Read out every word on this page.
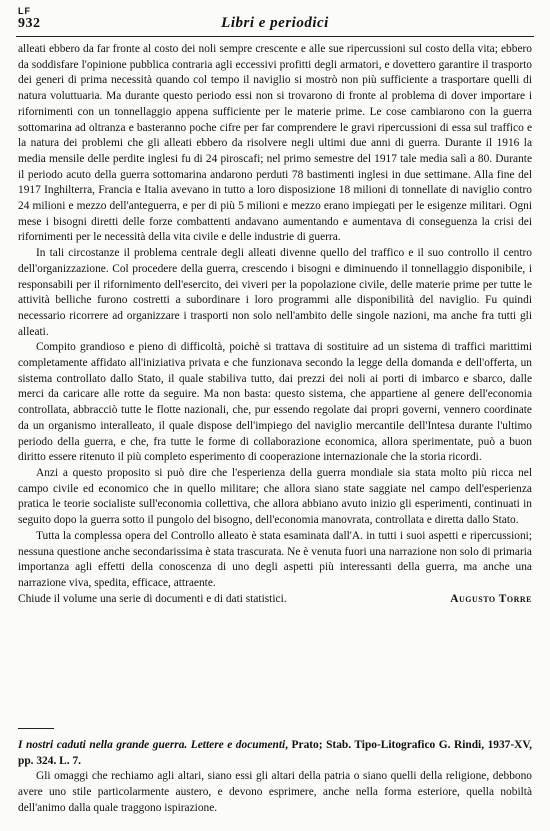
LF
932	Libri e periodici

alleati ebbero da far fronte al costo dei noli sempre crescente e alle sue ripercussioni sul costo della vita; ebbero da soddisfare l'opinione pubblica contraria agli eccessivi profitti degli armatori, e dovettero garantire il trasporto dei generi di prima necessità quando col tempo il naviglio si mostrò non più sufficiente a trasportare quelli di natura voluttuaria. Ma durante questo periodo essi non si trovarono di fronte al problema di dover importare i rifornimenti con un tonnellaggio appena sufficiente per le materie prime. Le cose cambiarono con la guerra sottomarina ad oltranza e basteranno poche cifre per far comprendere le gravi ripercussioni di essa sul traffico e la natura dei problemi che gli alleati ebbero da risolvere negli ultimi due anni di guerra. Durante il 1916 la media mensile delle perdite inglesi fu di 24 piroscafi; nel primo semestre del 1917 tale media salì a 80. Durante il periodo acuto della guerra sottomarina andarono perduti 78 bastimenti inglesi in due settimane. Alla fine del 1917 Inghilterra, Francia e Italia avevano in tutto a loro disposizione 18 milioni di tonnellate di naviglio contro 24 milioni e mezzo dell'anteguerra, e per di più 5 milioni e mezzo erano impiegati per le esigenze militari. Ogni mese i bisogni diretti delle forze combattenti andavano aumentando e aumentava di conseguenza la crisi dei rifornimenti per le necessità della vita civile e delle industrie di guerra.

In tali circostanze il problema centrale degli alleati divenne quello del traffico e il suo controllo il centro dell'organizzazione. Col procedere della guerra, crescendo i bisogni e diminuendo il tonnellaggio disponibile, i responsabili per il rifornimento dell'esercito, dei viveri per la popolazione civile, delle materie prime per tutte le attività belliche furono costretti a subordinare i loro programmi alle disponibilità del naviglio. Fu quindi necessario ricorrere ad organizzare i trasporti non solo nell'ambito delle singole nazioni, ma anche fra tutti gli alleati.

Compito grandioso e pieno di difficoltà, poichè si trattava di sostituire ad un sistema di traffici marittimi completamente affidato all'iniziativa privata e che funzionava secondo la legge della domanda e dell'offerta, un sistema controllato dallo Stato, il quale stabiliva tutto, dai prezzi dei noli ai porti di imbarco e sbarco, dalle merci da caricare alle rotte da seguire. Ma non basta: questo sistema, che appartiene al genere dell'economia controllata, abbracciò tutte le flotte nazionali, che, pur essendo regolate dai propri governi, vennero coordinate da un organismo interalleato, il quale dispose dell'impiego del naviglio mercantile dell'Intesa durante l'ultimo periodo della guerra, e che, fra tutte le forme di collaborazione economica, allora sperimentate, può a buon diritto essere ritenuto il più completo esperimento di cooperazione internazionale che la storia ricordi.

Anzi a questo proposito si può dire che l'esperienza della guerra mondiale sia stata molto più ricca nel campo civile ed economico che in quello militare; che allora siano state saggiate nel campo dell'esperienza pratica le teorie socialiste sull'economia collettiva, che allora abbiano avuto inizio gli esperimenti, continuati in seguito dopo la guerra sotto il pungolo del bisogno, dell'economia manovrata, controllata e diretta dallo Stato.

Tutta la complessa opera del Controllo alleato è stata esaminata dall'A. in tutti i suoi aspetti e ripercussioni; nessuna questione anche secondarissima è stata trascurata. Ne è venuta fuori una narrazione non solo di primaria importanza agli effetti della conoscenza di uno degli aspetti più interessanti della guerra, ma anche una narrazione viva, spedita, efficace, attraente.

Chiude il volume una serie di documenti e di dati statistici.	Augusto Torre

I nostri caduti nella grande guerra. Lettere e documenti, Prato; Stab. Tipo-Litografico G. Rindi, 1937-XV, pp. 324. L. 7.

Gli omaggi che rechiamo agli altari, siano essi gli altari della patria o siano quelli della religione, debbono avere uno stile particolarmente austero, e devono esprimere, anche nella forma esteriore, quella nobiltà dell'animo dalla quale traggono ispirazione.
